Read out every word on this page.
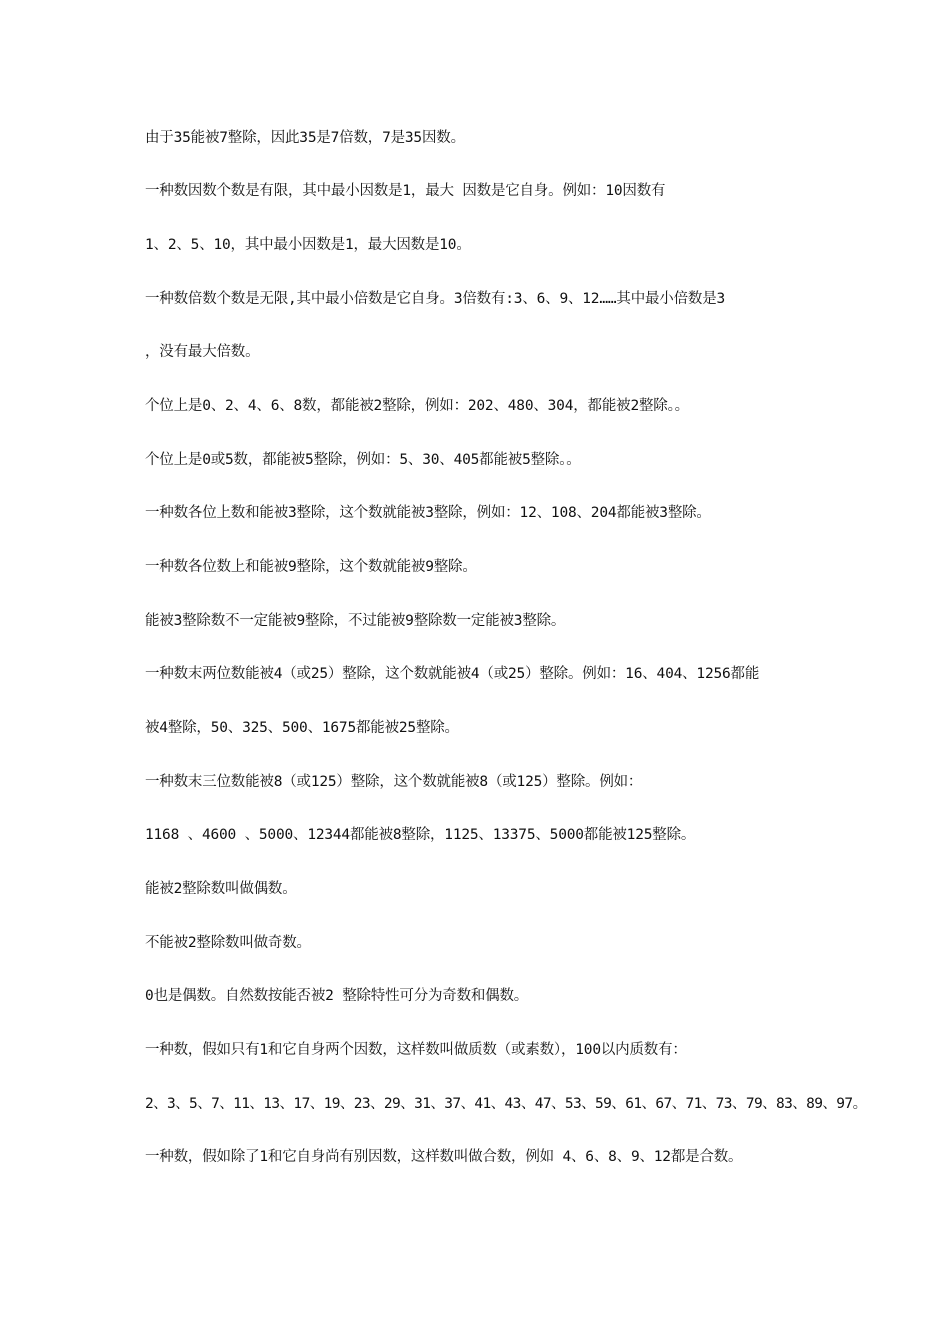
由于35能被7整除，因此35是7倍数，7是35因数。
一种数因数个数是有限，其中最小因数是1，最大 因数是它自身。例如：10因数有
1、2、5、10，其中最小因数是1，最大因数是10。
一种数倍数个数是无限,其中最小倍数是它自身。3倍数有:3、6、9、12……其中最小倍数是3
，没有最大倍数。
个位上是0、2、4、6、8数，都能被2整除，例如：202、480、304，都能被2整除。。
个位上是0或5数，都能被5整除，例如：5、30、405都能被5整除。。
一种数各位上数和能被3整除，这个数就能被3整除，例如：12、108、204都能被3整除。
一种数各位数上和能被9整除，这个数就能被9整除。
能被3整除数不一定能被9整除，不过能被9整除数一定能被3整除。
一种数末两位数能被4（或25）整除，这个数就能被4（或25）整除。例如：16、404、1256都能
被4整除，50、325、500、1675都能被25整除。
一种数末三位数能被8（或125）整除，这个数就能被8（或125）整除。例如：
1168 、4600 、5000、12344都能被8整除，1125、13375、5000都能被125整除。
能被2整除数叫做偶数。
不能被2整除数叫做奇数。
0也是偶数。自然数按能否被2 整除特性可分为奇数和偶数。
一种数，假如只有1和它自身两个因数，这样数叫做质数（或素数），100以内质数有：
2、3、5、7、11、13、17、19、23、29、31、37、41、43、47、53、59、61、67、71、73、79、83、89、97。
一种数，假如除了1和它自身尚有别因数，这样数叫做合数，例如 4、6、8、9、12都是合数。
